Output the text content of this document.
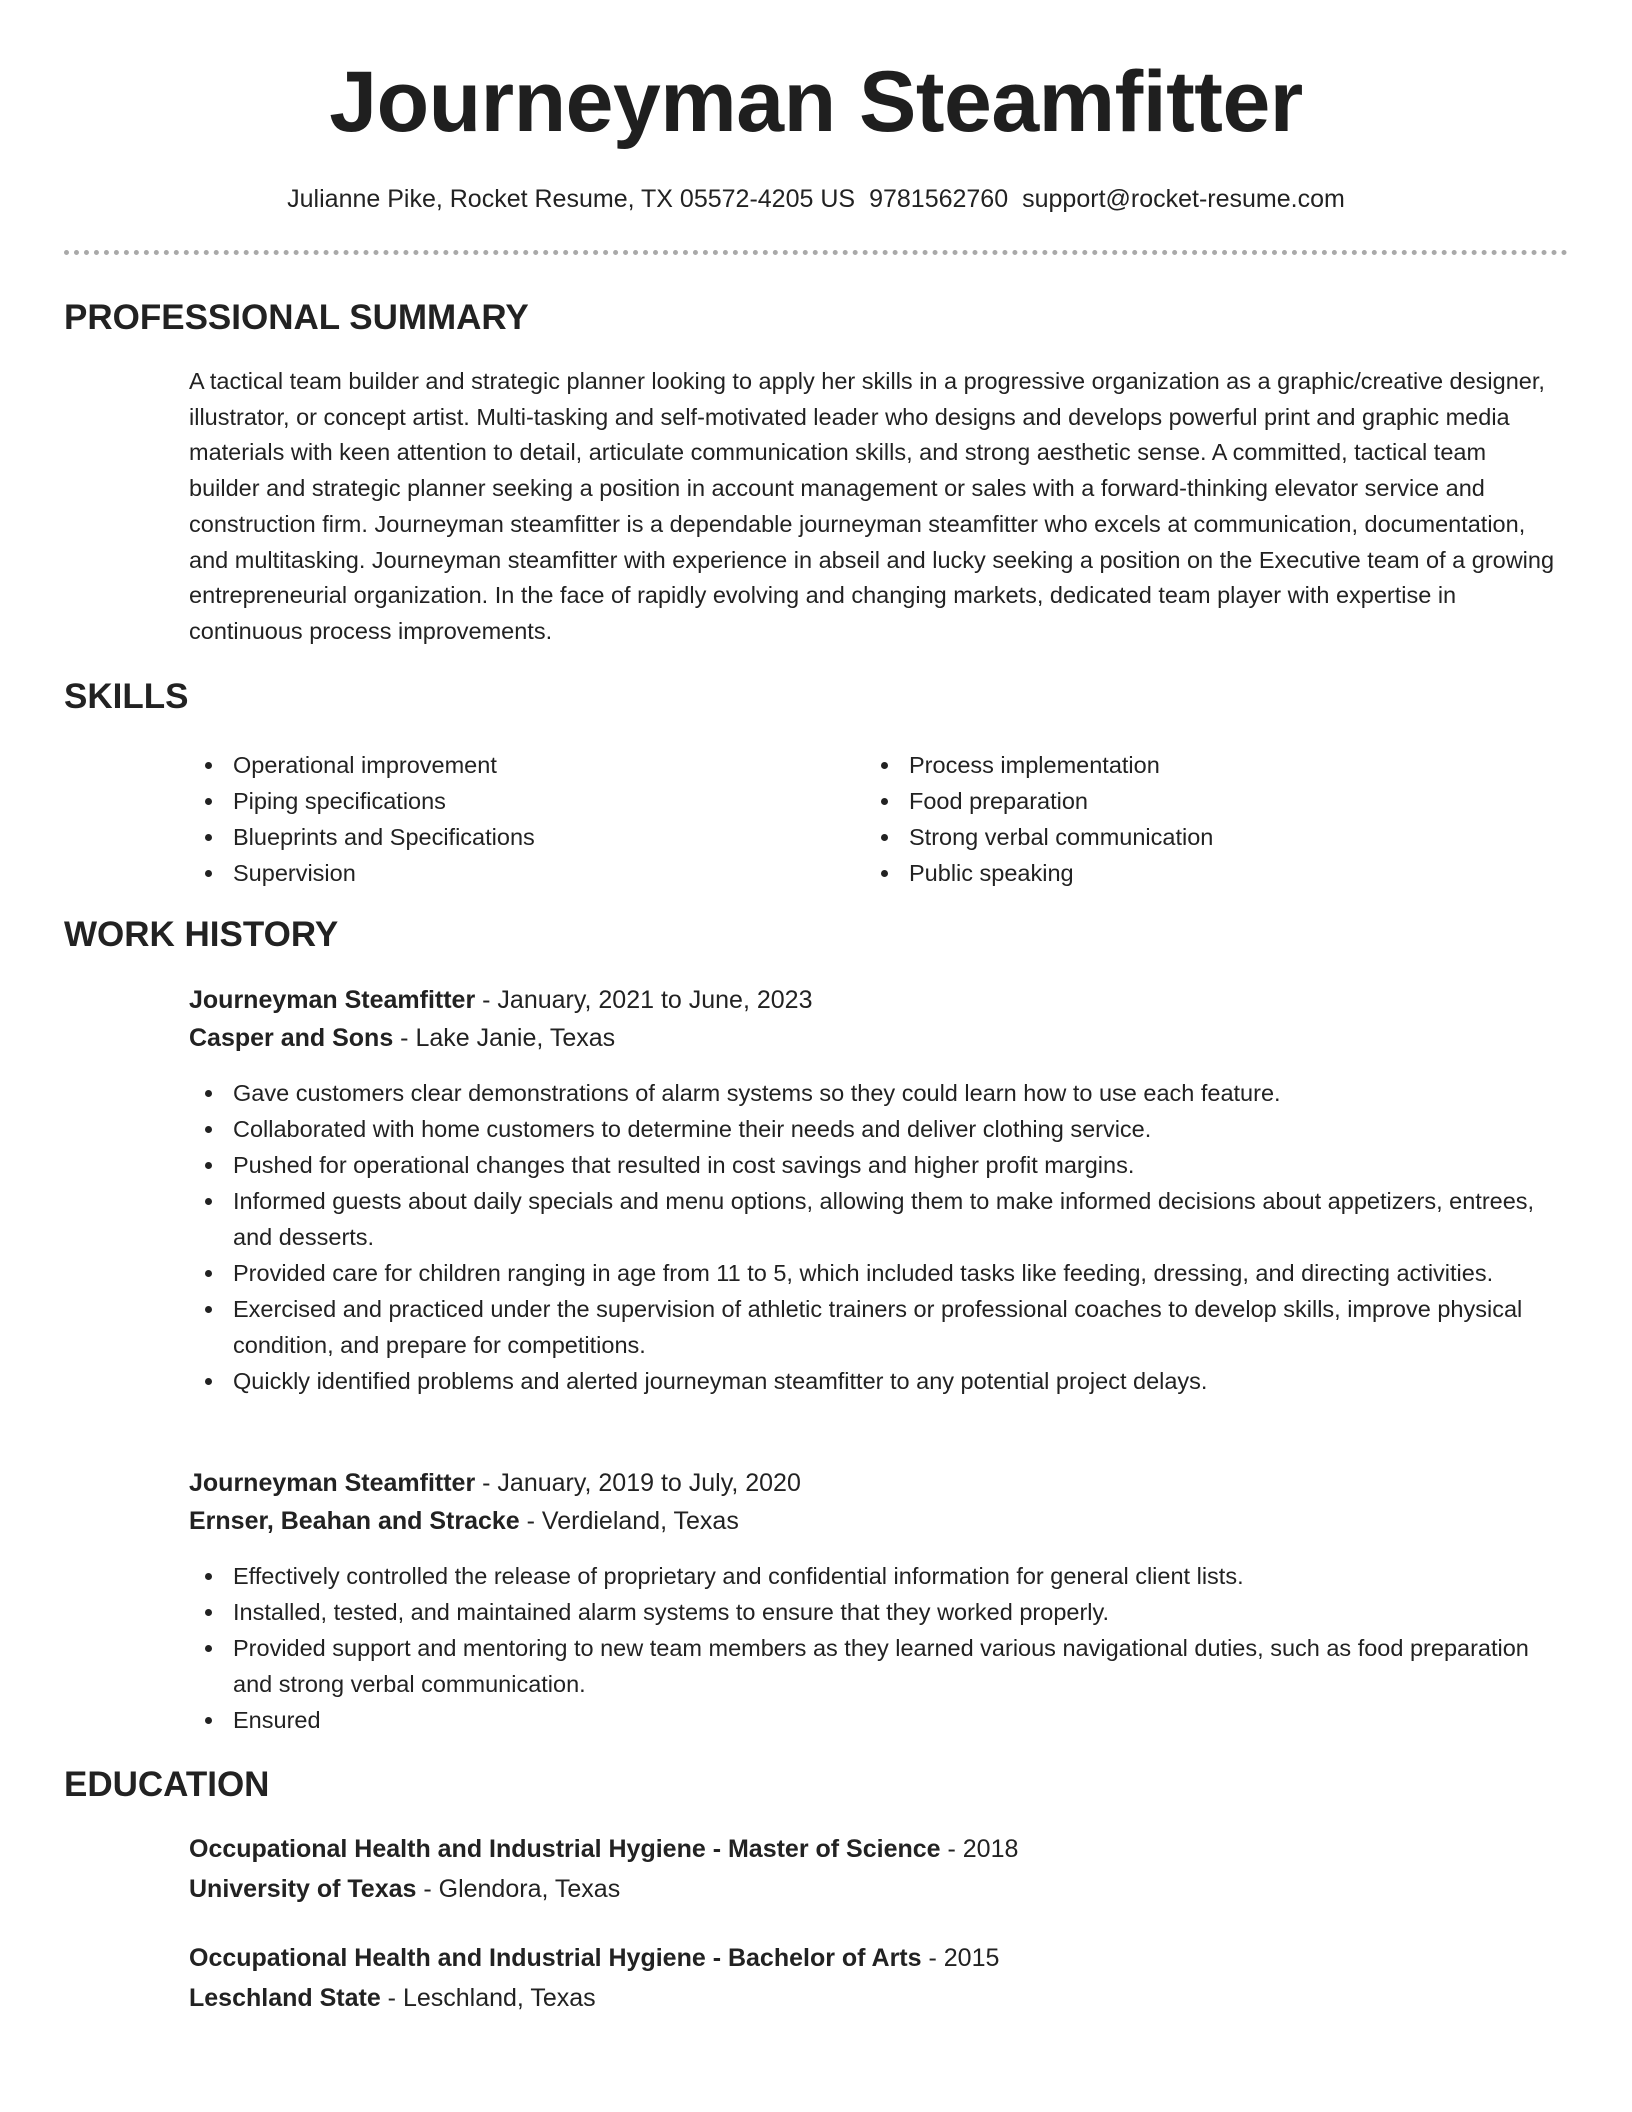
Journeyman Steamfitter
Julianne Pike, Rocket Resume, TX 05572-4205 US 9781562760 support@rocket-resume.com
PROFESSIONAL SUMMARY

A tactical team builder and strategic planner looking to apply her skills in a progressive organization as a graphic/creative designer, illustrator, or concept artist. Multi-tasking and self-motivated leader who designs and develops powerful print and graphic media materials with keen attention to detail, articulate communication skills, and strong aesthetic sense. A committed, tactical team builder and strategic planner seeking a position in account management or sales with a forward-thinking elevator service and construction firm. Journeyman steamfitter is a dependable journeyman steamfitter who excels at communication, documentation, and multitasking. Journeyman steamfitter with experience in abseil and lucky seeking a position on the Executive team of a growing entrepreneurial organization. In the face of rapidly evolving and changing markets, dedicated team player with expertise in continuous process improvements.

SKILLS
Operational improvement
Piping specifications
Blueprints and Specifications
Supervision
Process implementation
Food preparation
Strong verbal communication
Public speaking
WORK HISTORY
Journeyman Steamfitter - January, 2021 to June, 2023
Casper and Sons - Lake Janie, Texas
Gave customers clear demonstrations of alarm systems so they could learn how to use each feature.
Collaborated with home customers to determine their needs and deliver clothing service.
Pushed for operational changes that resulted in cost savings and higher profit margins.
Informed guests about daily specials and menu options, allowing them to make informed decisions about appetizers, entrees, and desserts.
Provided care for children ranging in age from 11 to 5, which included tasks like feeding, dressing, and directing activities.
Exercised and practiced under the supervision of athletic trainers or professional coaches to develop skills, improve physical condition, and prepare for competitions.
Quickly identified problems and alerted journeyman steamfitter to any potential project delays.
Journeyman Steamfitter - January, 2019 to July, 2020
Ernser, Beahan and Stracke - Verdieland, Texas
Effectively controlled the release of proprietary and confidential information for general client lists.
Installed, tested, and maintained alarm systems to ensure that they worked properly.
Provided support and mentoring to new team members as they learned various navigational duties, such as food preparation and strong verbal communication.
Ensured
EDUCATION
Occupational Health and Industrial Hygiene - Master of Science - 2018
University of Texas - Glendora, Texas
Occupational Health and Industrial Hygiene - Bachelor of Arts - 2015
Leschland State - Leschland, Texas
